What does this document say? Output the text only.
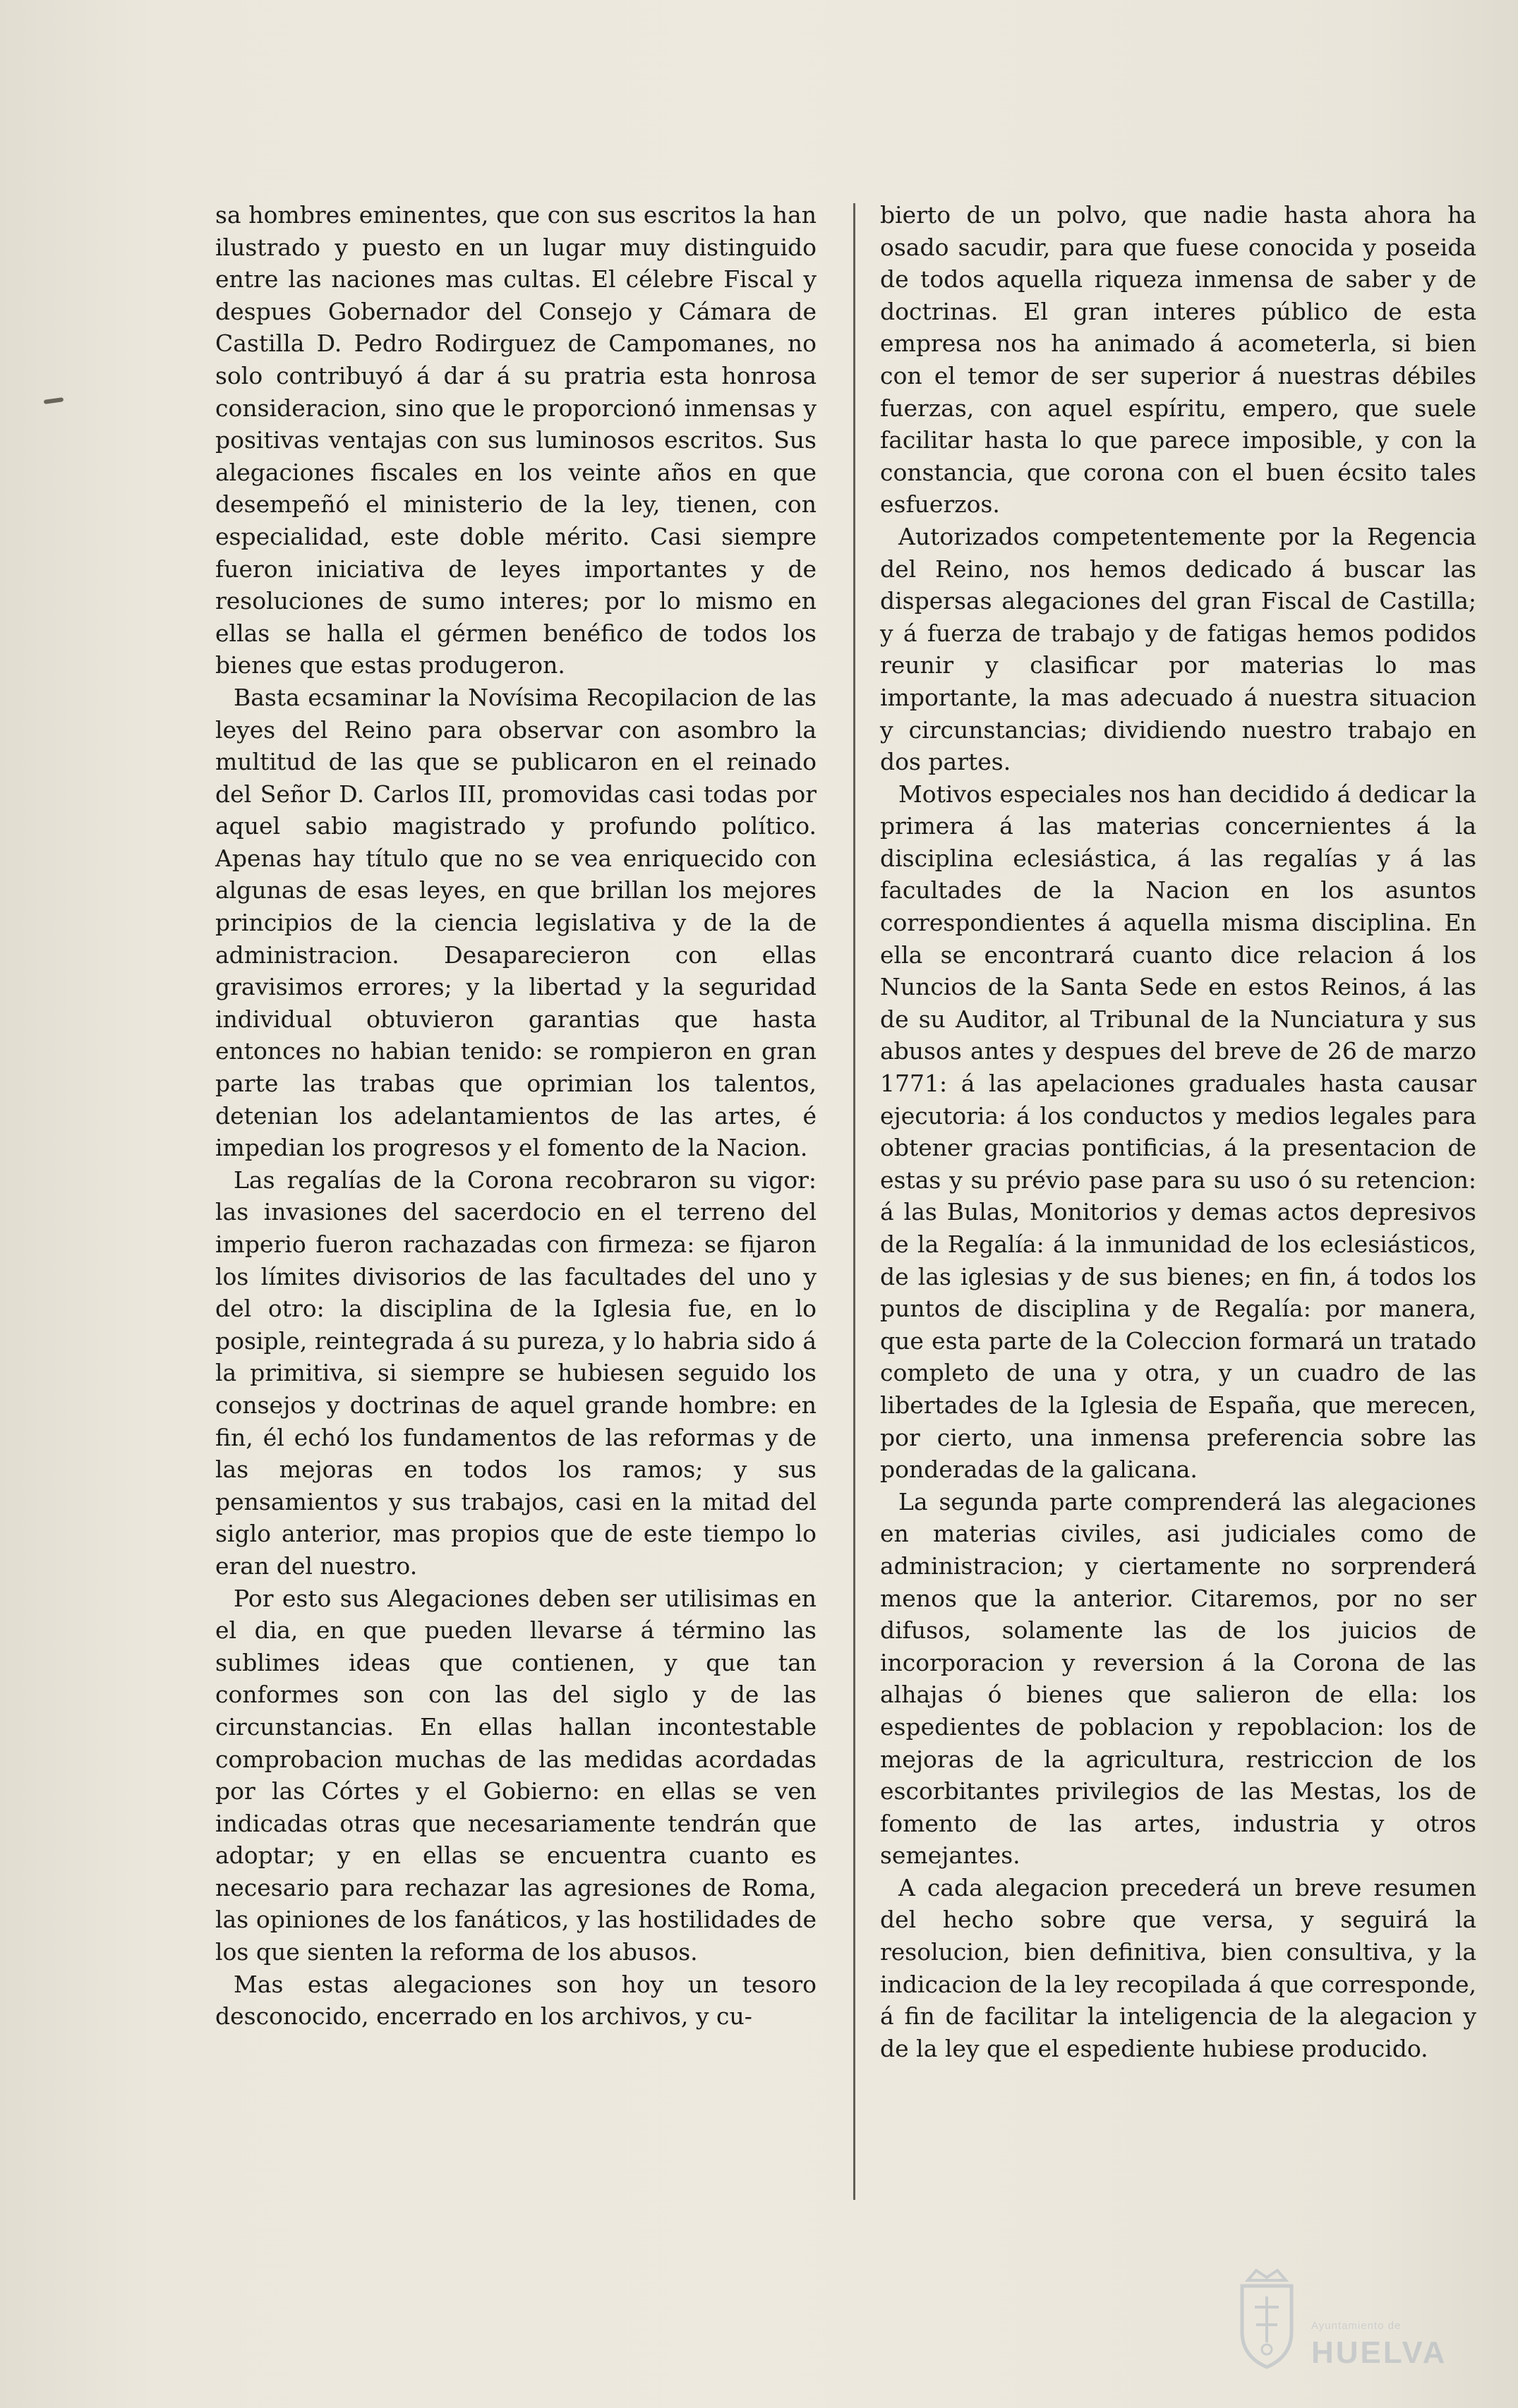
sa hombres eminentes, que con sus escritos la han ilustrado y puesto en un lugar muy distinguido entre las naciones mas cultas. El célebre Fiscal y despues Gobernador del Consejo y Cámara de Castilla D. Pedro Rodirguez de Campomanes, no solo contribuyó á dar á su pratria esta honrosa consideracion, sino que le proporcionó inmensas y positivas ventajas con sus luminosos escritos. Sus alegaciones fiscales en los veinte años en que desempeñó el ministerio de la ley, tienen, con especialidad, este doble mérito. Casi siempre fueron iniciativa de leyes importantes y de resoluciones de sumo interes; por lo mismo en ellas se halla el gérmen benéfico de todos los bienes que estas produgeron.

Basta ecsaminar la Novísima Recopilacion de las leyes del Reino para observar con asombro la multitud de las que se publicaron en el reinado del Señor D. Carlos III, promovidas casi todas por aquel sabio magistrado y profundo político. Apenas hay título que no se vea enriquecido con algunas de esas leyes, en que brillan los mejores principios de la ciencia legislativa y de la de administracion. Desaparecieron con ellas gravisimos errores; y la libertad y la seguridad individual obtuvieron garantias que hasta entonces no habian tenido: se rompieron en gran parte las trabas que oprimian los talentos, detenian los adelantamientos de las artes, é impedian los progresos y el fomento de la Nacion.

Las regalías de la Corona recobraron su vigor: las invasiones del sacerdocio en el terreno del imperio fueron rachazadas con firmeza: se fijaron los límites divisorios de las facultades del uno y del otro: la disciplina de la Iglesia fue, en lo posiple, reintegrada á su pureza, y lo habria sido á la primitiva, si siempre se hubiesen seguido los consejos y doctrinas de aquel grande hombre: en fin, él echó los fundamentos de las reformas y de las mejoras en todos los ramos; y sus pensamientos y sus trabajos, casi en la mitad del siglo anterior, mas propios que de este tiempo lo eran del nuestro.

Por esto sus Alegaciones deben ser utilisimas en el dia, en que pueden llevarse á término las sublimes ideas que contienen, y que tan conformes son con las del siglo y de las circunstancias. En ellas hallan incontestable comprobacion muchas de las medidas acordadas por las Córtes y el Gobierno: en ellas se ven indicadas otras que necesariamente tendrán que adoptar; y en ellas se encuentra cuanto es necesario para rechazar las agresiones de Roma, las opiniones de los fanáticos, y las hostilidades de los que sienten la reforma de los abusos.

Mas estas alegaciones son hoy un tesoro desconocido, encerrado en los archivos, y cu-

bierto de un polvo, que nadie hasta ahora ha osado sacudir, para que fuese conocida y poseida de todos aquella riqueza inmensa de saber y de doctrinas. El gran interes público de esta empresa nos ha animado á acometerla, si bien con el temor de ser superior á nuestras débiles fuerzas, con aquel espíritu, empero, que suele facilitar hasta lo que parece imposible, y con la constancia, que corona con el buen écsito tales esfuerzos.

Autorizados competentemente por la Regencia del Reino, nos hemos dedicado á buscar las dispersas alegaciones del gran Fiscal de Castilla; y á fuerza de trabajo y de fatigas hemos podidos reunir y clasificar por materias lo mas importante, la mas adecuado á nuestra situacion y circunstancias; dividiendo nuestro trabajo en dos partes.

Motivos especiales nos han decidido á dedicar la primera á las materias concernientes á la disciplina eclesiástica, á las regalías y á las facultades de la Nacion en los asuntos correspondientes á aquella misma disciplina. En ella se encontrará cuanto dice relacion á los Nuncios de la Santa Sede en estos Reinos, á las de su Auditor, al Tribunal de la Nunciatura y sus abusos antes y despues del breve de 26 de marzo 1771: á las apelaciones graduales hasta causar ejecutoria: á los conductos y medios legales para obtener gracias pontificias, á la presentacion de estas y su prévio pase para su uso ó su retencion: á las Bulas, Monitorios y demas actos depresivos de la Regalía: á la inmunidad de los eclesiásticos, de las iglesias y de sus bienes; en fin, á todos los puntos de disciplina y de Regalía: por manera, que esta parte de la Coleccion formará un tratado completo de una y otra, y un cuadro de las libertades de la Iglesia de España, que merecen, por cierto, una inmensa preferencia sobre las ponderadas de la galicana.

La segunda parte comprenderá las alegaciones en materias civiles, asi judiciales como de administracion; y ciertamente no sorprenderá menos que la anterior. Citaremos, por no ser difusos, solamente las de los juicios de incorporacion y reversion á la Corona de las alhajas ó bienes que salieron de ella: los espedientes de poblacion y repoblacion: los de mejoras de la agricultura, restriccion de los escorbitantes privilegios de las Mestas, los de fomento de las artes, industria y otros semejantes.

A cada alegacion precederá un breve resumen del hecho sobre que versa, y seguirá la resolucion, bien definitiva, bien consultiva, y la indicacion de la ley recopilada á que corresponde, á fin de facilitar la inteligencia de la alegacion y de la ley que el espediente hubiese producido.

Ayuntamiento de
HUELVA
